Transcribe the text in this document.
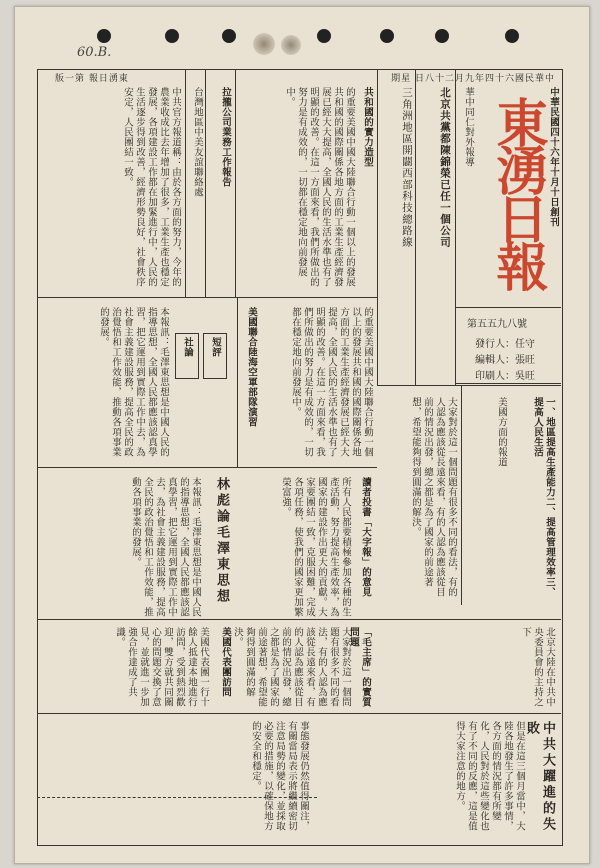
60.B.
版一第 報日湧東	期星 日八十二月九年四十六國民華中
中華民國四十六年十月十日創刊
東湧日報
華中同仁對外報導
第五五九八號
發行人：任守
編輯人：張旺
印刷人：吳旺
北京共黨都陳錦榮已任一個公司
三角洲地區開闢西部科技總路線
共和國的實力造型
的重要美國中國大陸聯合行動一個以上的發展共和國的國際關係各地方面的工業生產經濟發展已經大大提高，全國人民的生活水準也有了明顯的改善。在這一方面來看，我們所做出的努力是有成效的，一切都在穩定地向前發展中。
拉攏公司業務工作報告
台灣地區中美友誼聯絡處
中共官方報道稱：由於各方面的努力，今年的農業收成比去年增加了很多，工業生產也穩定發展，各項建設工作都在加緊進行中，人民的生活逐步得到改善，經濟形勢良好，社會秩序安定，人民團結一致。
社論	短評
本報訊：毛澤東思想是中國人民的指導思想，全國人民都應該認真學習，把它運用到實際工作中去，為社會主義建設服務，提高全民的政治覺悟和工作效能，推動各項事業的發展。	美國聯合陸海空軍部隊演習	的重要美國中國大陸聯合行動一個以上的發展共和國的國際關係各地方面的工業生產經濟發展已經大大提高，全國人民的生活水準也有了明顯的改善。在這一方面來看，我們所做出的努力是有成效的，一切都在穩定地向前發展中。
美國方面的報道	一、地區提高生產能力二、提高管理效率三、提高人民生活
大家對於這一個問題有很多不同的看法，有的人認為應該從長遠來看，有的人認為應該從目前的情況出發，總之都是為了國家的前途著想，希望能夠得到圓滿的解決。
讀者投書「大字報」的意見
所有人民都要積極參加各種的生產活動，努力提高生產效率，為國家的建設作出更大的貢獻。大家要團結一致，克服困難，完成各項任務，使我們的國家更加繁榮富強。
林彪論毛澤東思想
本報訊：毛澤東思想是中國人民的指導思想，全國人民都應該認真學習，把它運用到實際工作中去，為社會主義建設服務，提高全民的政治覺悟和工作效能，推動各項事業的發展。
「毛主席」的實質問題
大家對於這一個問題有很多不同的看法，有的人認為應該從長遠來看，有的人認為應該從目前的情況出發，總之都是為了國家的前途著想，希望能夠得到圓滿的解決。
美國代表團訪問
美國代表團一行十餘人抵達本地進行訪問，受到熱烈歡迎，雙方就共同關心的問題交換了意見，並就進一步加強合作達成了共識。	北京大陸在中共中央委員會的主持之下
中共大躍進的失敗
但是在這三個月當中，大陸各地發生了許多事情，各方面的情況都有所變化，人民對於這些變化也有了不同的反應，這是值得大家注意的地方。
事態發展仍然值得關注，有關當局表示將繼續密切注意局勢的變化，並採取必要的措施，以確保地方的安全和穩定。
